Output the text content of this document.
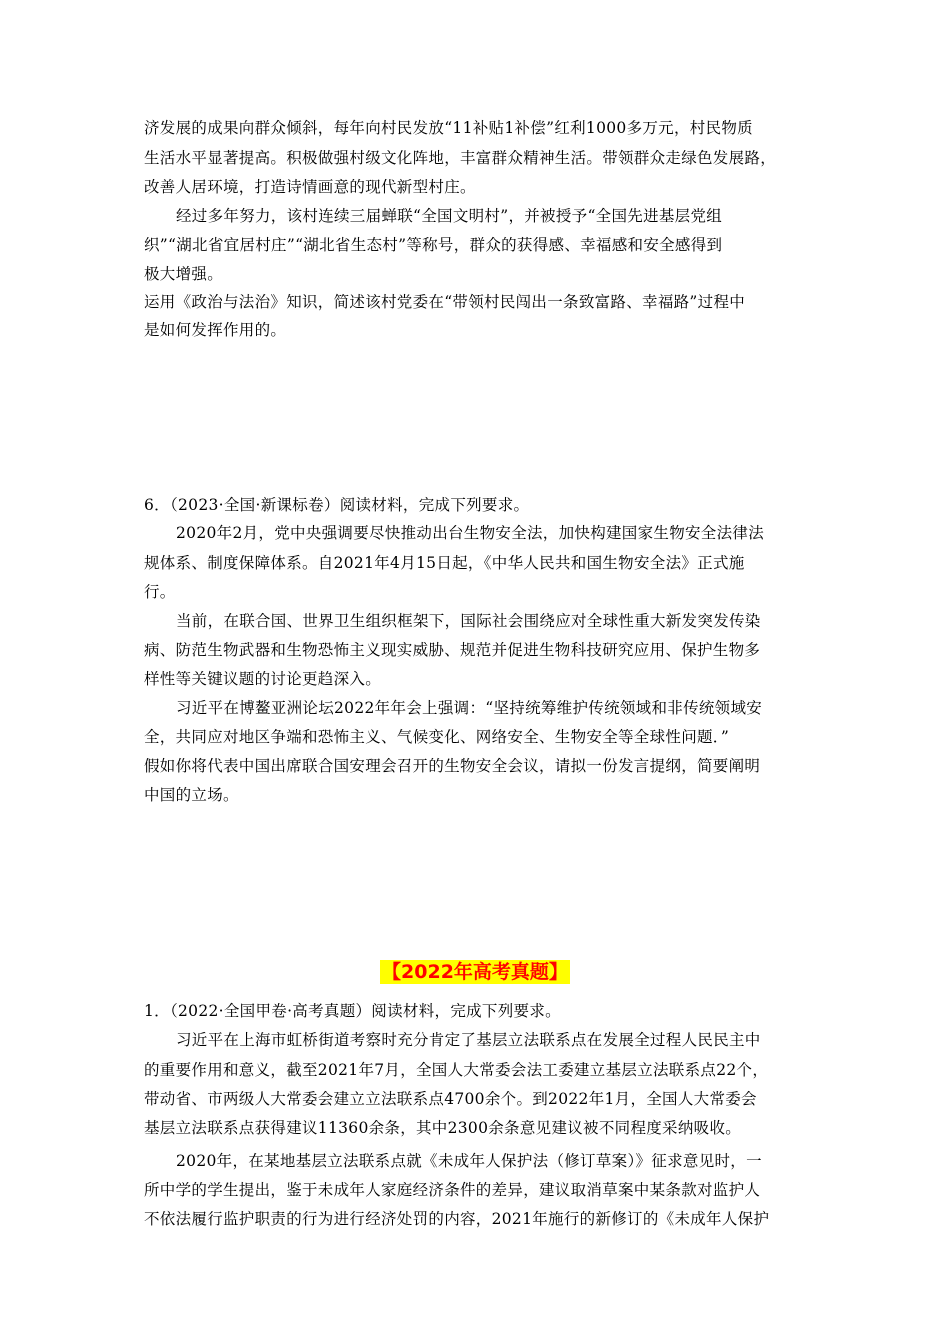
济发展的成果向群众倾斜，每年向村民发放“11补贴1补偿”红利1000多万元，村民物质
生活水平显著提高。积极做强村级文化阵地，丰富群众精神生活。带领群众走绿色发展路，
改善人居环境，打造诗情画意的现代新型村庄。
经过多年努力，该村连续三届蝉联“全国文明村”，并被授予“全国先进基层党组
织”“湖北省宜居村庄”“湖北省生态村”等称号，群众的获得感、幸福感和安全感得到
极大增强。
运用《政治与法治》知识，简述该村党委在“带领村民闯出一条致富路、幸福路”过程中
是如何发挥作用的。
6．（2023·全国·新课标卷）阅读材料，完成下列要求。
2020年2月，党中央强调要尽快推动出台生物安全法，加快构建国家生物安全法律法
规体系、制度保障体系。自2021年4月15日起，《中华人民共和国生物安全法》正式施
行。
当前，在联合国、世界卫生组织框架下，国际社会围绕应对全球性重大新发突发传染
病、防范生物武器和生物恐怖主义现实威胁、规范并促进生物科技研究应用、保护生物多
样性等关键议题的讨论更趋深入。
习近平在博鳌亚洲论坛2022年年会上强调：“坚持统筹维护传统领域和非传统领域安
全，共同应对地区争端和恐怖主义、气候变化、网络安全、生物安全等全球性问题．”
假如你将代表中国出席联合国安理会召开的生物安全会议，请拟一份发言提纲，简要阐明
中国的立场。
【2022年高考真题】
1．（2022·全国甲卷·高考真题）阅读材料，完成下列要求。
习近平在上海市虹桥街道考察时充分肯定了基层立法联系点在发展全过程人民民主中
的重要作用和意义，截至2021年7月，全国人大常委会法工委建立基层立法联系点22个，
带动省、市两级人大常委会建立立法联系点4700余个。到2022年1月，全国人大常委会
基层立法联系点获得建议11360余条，其中2300余条意见建议被不同程度采纳吸收。
2020年，在某地基层立法联系点就《未成年人保护法（修订草案）》征求意见时，一
所中学的学生提出，鉴于未成年人家庭经济条件的差异，建议取消草案中某条款对监护人
不依法履行监护职责的行为进行经济处罚的内容，2021年施行的新修订的《未成年人保护
